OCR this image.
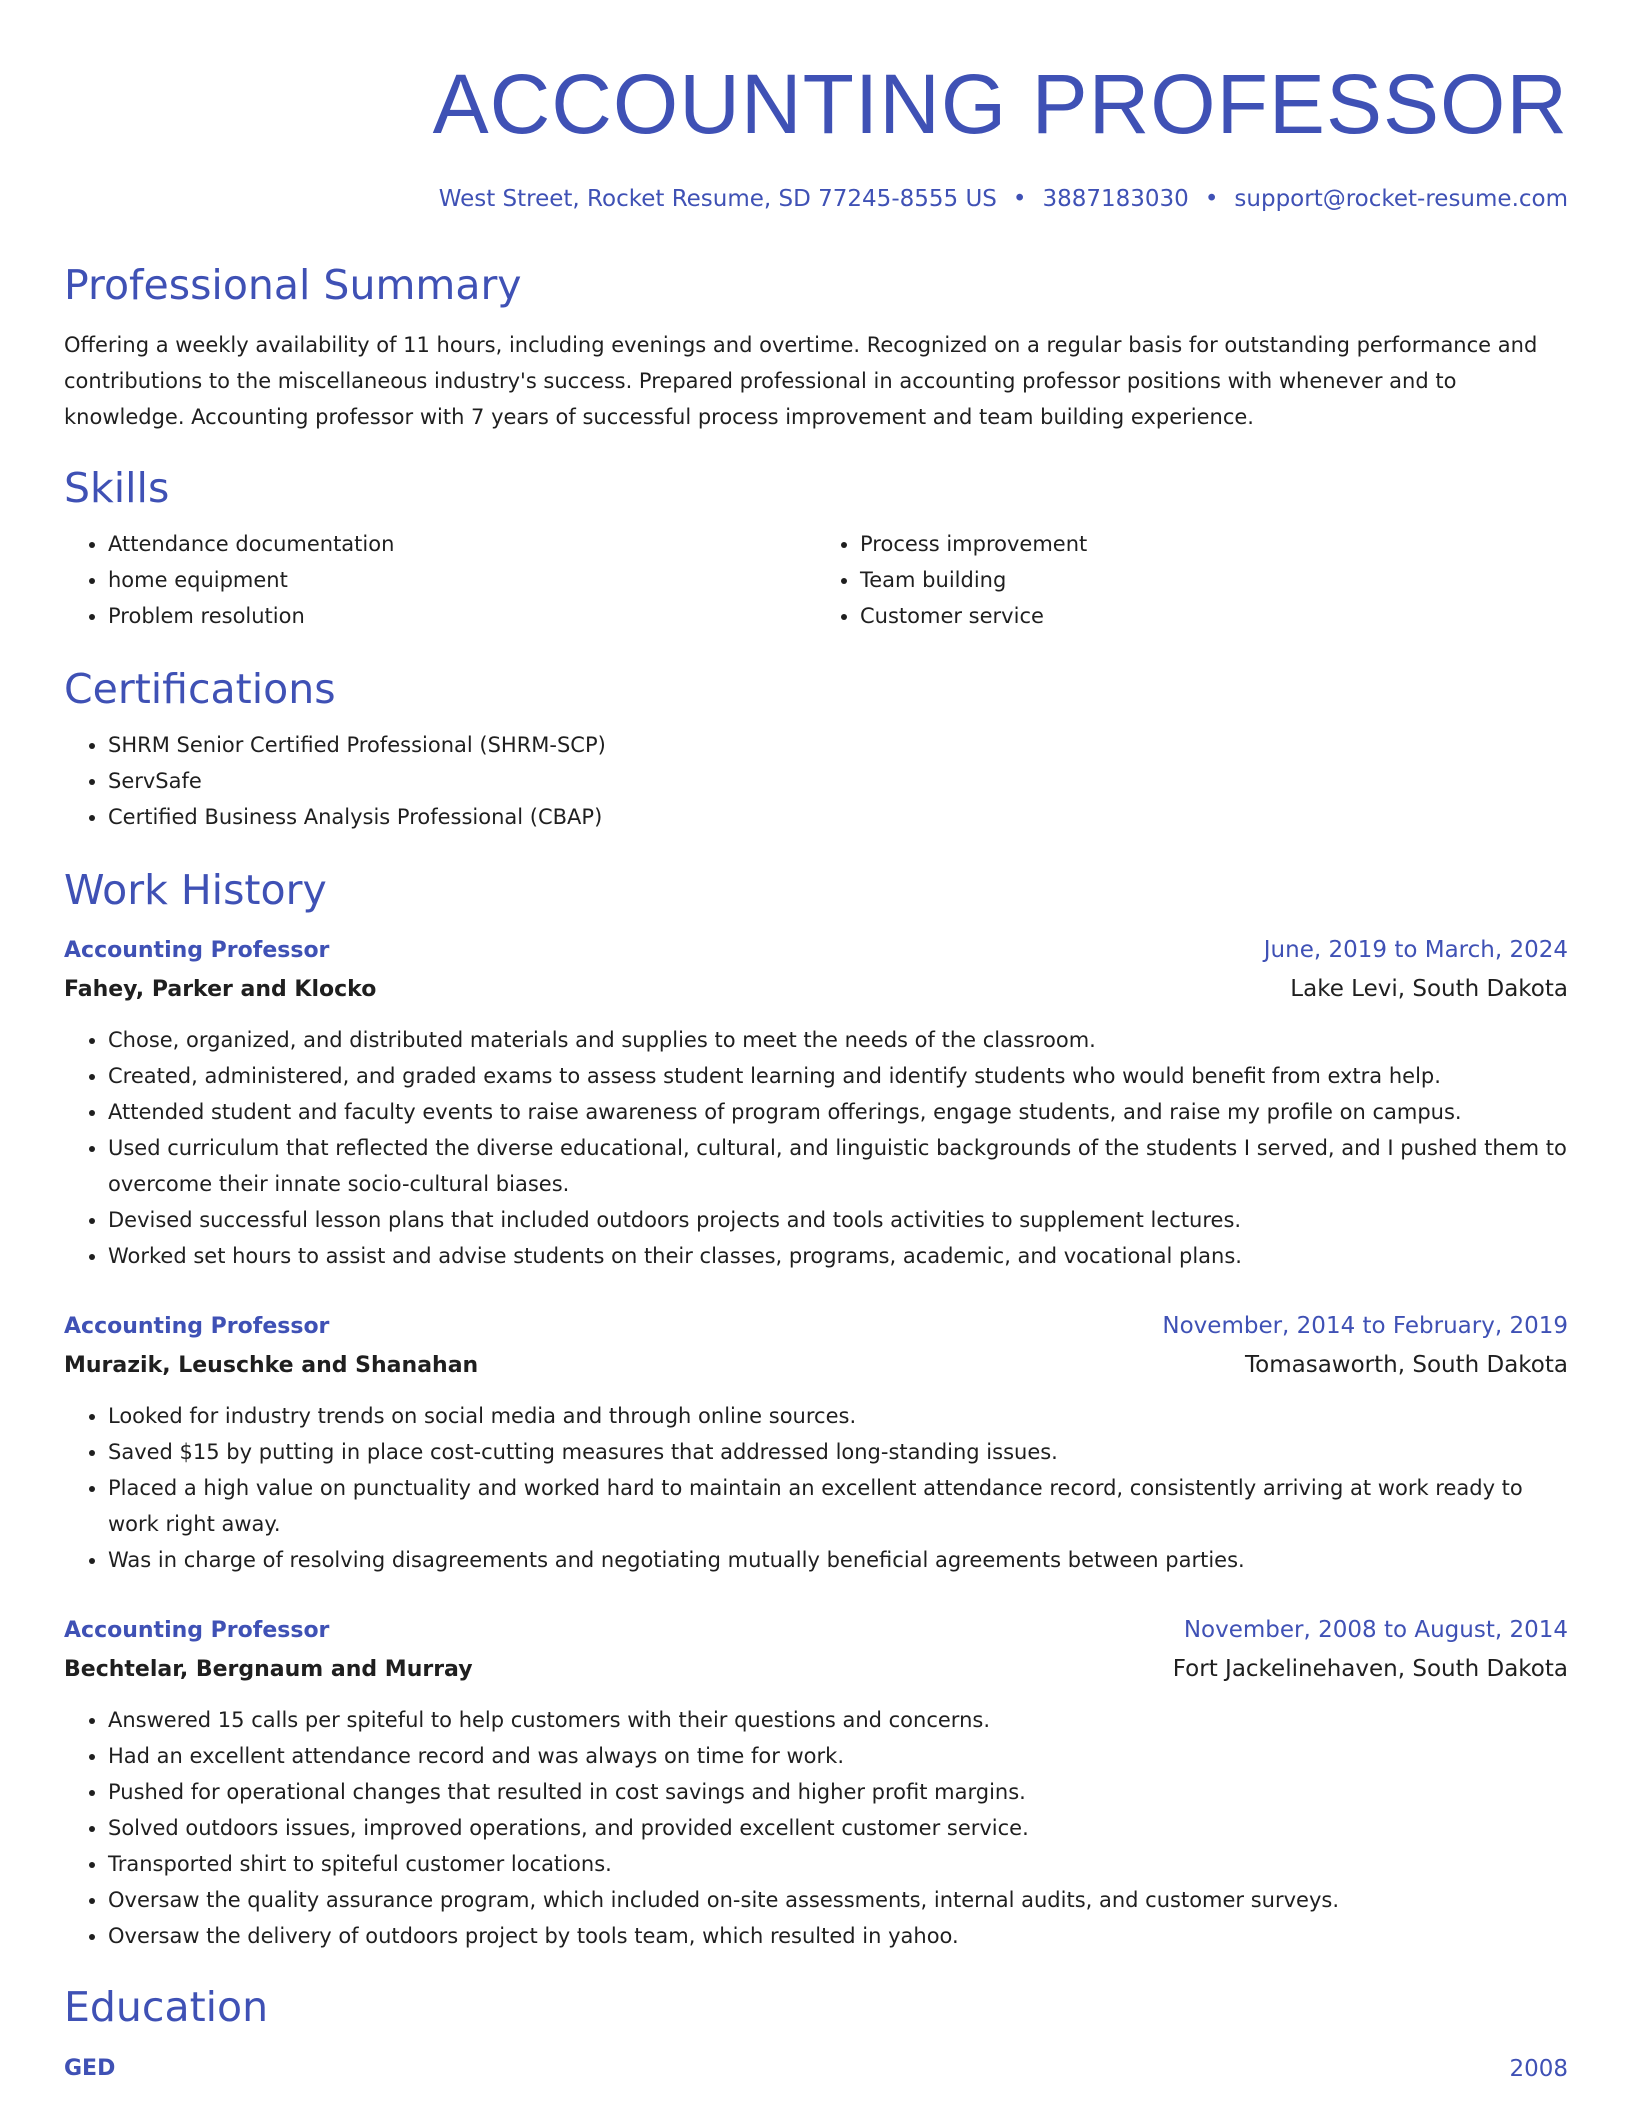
ACCOUNTING PROFESSOR
West Street, Rocket Resume, SD 77245-8555 US • 3887183030 • support@rocket-resume.com
Professional Summary
Offering a weekly availability of 11 hours, including evenings and overtime. Recognized on a regular basis for outstanding performance and contributions to the miscellaneous industry's success. Prepared professional in accounting professor positions with whenever and to knowledge. Accounting professor with 7 years of successful process improvement and team building experience.
Skills
• Attendance documentation
• home equipment
• Problem resolution
• Process improvement
• Team building
• Customer service
Certifications
• SHRM Senior Certified Professional (SHRM-SCP)
• ServSafe
• Certified Business Analysis Professional (CBAP)
Work History
Accounting Professor	June, 2019 to March, 2024
Fahey, Parker and Klocko	Lake Levi, South Dakota
• Chose, organized, and distributed materials and supplies to meet the needs of the classroom.
• Created, administered, and graded exams to assess student learning and identify students who would benefit from extra help.
• Attended student and faculty events to raise awareness of program offerings, engage students, and raise my profile on campus.
• Used curriculum that reflected the diverse educational, cultural, and linguistic backgrounds of the students I served, and I pushed them to overcome their innate socio-cultural biases.
• Devised successful lesson plans that included outdoors projects and tools activities to supplement lectures.
• Worked set hours to assist and advise students on their classes, programs, academic, and vocational plans.
Accounting Professor	November, 2014 to February, 2019
Murazik, Leuschke and Shanahan	Tomasaworth, South Dakota
• Looked for industry trends on social media and through online sources.
• Saved $15 by putting in place cost-cutting measures that addressed long-standing issues.
• Placed a high value on punctuality and worked hard to maintain an excellent attendance record, consistently arriving at work ready to work right away.
• Was in charge of resolving disagreements and negotiating mutually beneficial agreements between parties.
Accounting Professor	November, 2008 to August, 2014
Bechtelar, Bergnaum and Murray	Fort Jackelinehaven, South Dakota
• Answered 15 calls per spiteful to help customers with their questions and concerns.
• Had an excellent attendance record and was always on time for work.
• Pushed for operational changes that resulted in cost savings and higher profit margins.
• Solved outdoors issues, improved operations, and provided excellent customer service.
• Transported shirt to spiteful customer locations.
• Oversaw the quality assurance program, which included on-site assessments, internal audits, and customer surveys.
• Oversaw the delivery of outdoors project by tools team, which resulted in yahoo.
Education
GED	2008
